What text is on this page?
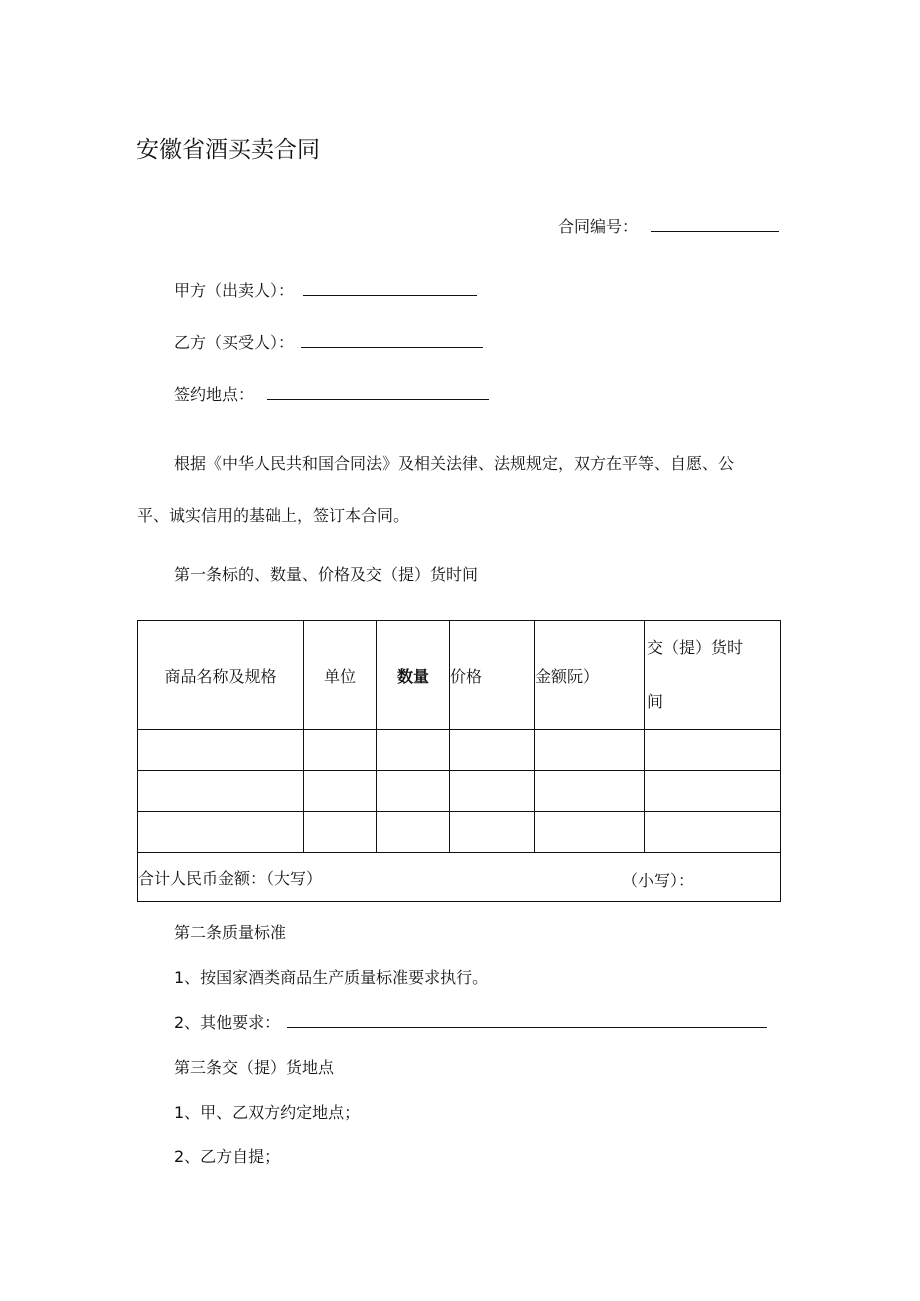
安徽省酒买卖合同
合同编号：
甲方（出卖人）：
乙方（买受人）：
签约地点：
根据《中华人民共和国合同法》及相关法律、法规规定，双方在平等、自愿、公
平、诚实信用的基础上，签订本合同。
第一条标的、数量、价格及交（提）货时间
商品名称及规格	单位	数量	价格	金额阮）	交（提）货时
间

合计人民币金额：（大写） （小写）：					
第二条质量标准
1、按国家酒类商品生产质量标准要求执行。
2、其他要求：
第三条交（提）货地点
1、甲、乙双方约定地点；
2、乙方自提；
